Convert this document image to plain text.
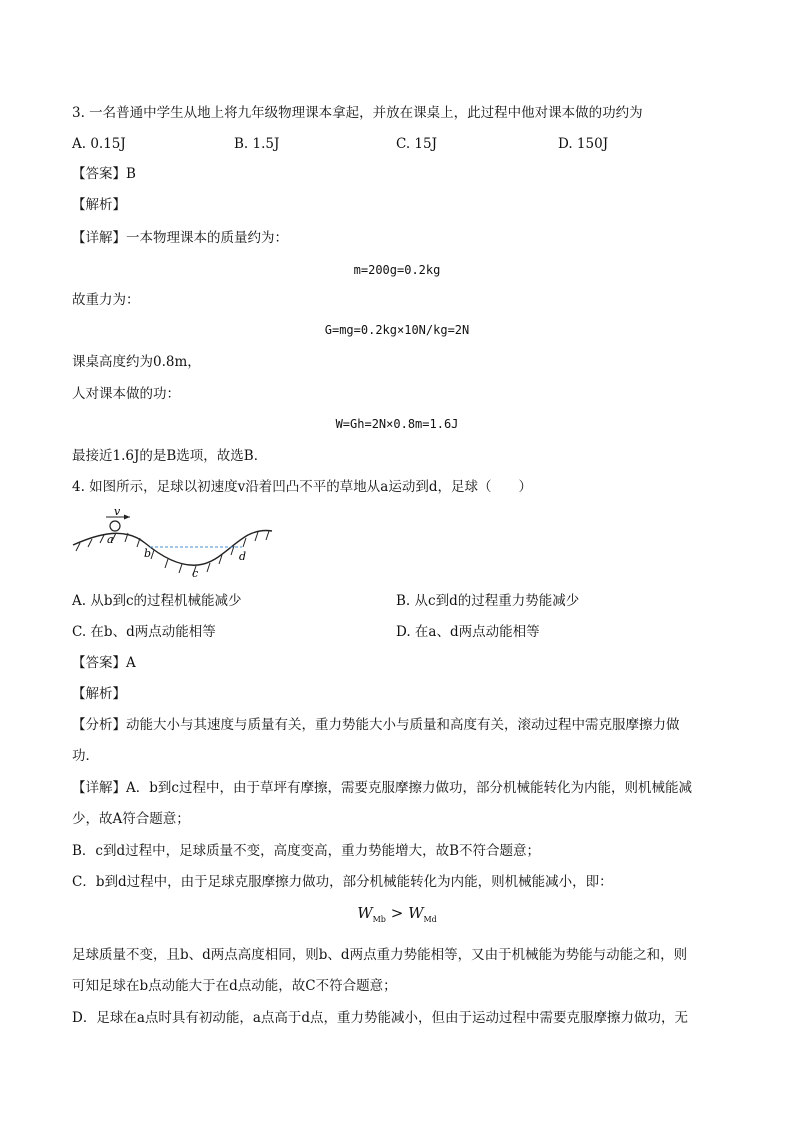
3. 一名普通中学生从地上将九年级物理课本拿起，并放在课桌上，此过程中他对课本做的功约为
A. 0.15J	B. 1.5J	C. 15J	D. 150J
【答案】B
【解析】
【详解】一本物理课本的质量约为：
m=200g=0.2kg
故重力为：
G=mg=0.2kg×10N/kg=2N
课桌高度约为0.8m，
人对课本做的功：
W=Gh=2N×0.8m=1.6J
最接近1.6J的是B选项，故选B．
4. 如图所示，足球以初速度v沿着凹凸不平的草地从a运动到d，足球（　　）
v
a
b
c
d
A. 从b到c的过程机械能减少	B. 从c到d的过程重力势能减少
C. 在b、d两点动能相等	D. 在a、d两点动能相等
【答案】A
【解析】
【分析】动能大小与其速度与质量有关，重力势能大小与质量和高度有关，滚动过程中需克服摩擦力做
功．
【详解】A．b到c过程中，由于草坪有摩擦，需要克服摩擦力做功，部分机械能转化为内能，则机械能减
少，故A符合题意；
B．c到d过程中，足球质量不变，高度变高，重力势能增大，故B不符合题意；
C．b到d过程中，由于足球克服摩擦力做功，部分机械能转化为内能，则机械能减小，即：
$W_{Mb} > W_{Md}$
足球质量不变，且b、d两点高度相同，则b、d两点重力势能相等，又由于机械能为势能与动能之和，则
可知足球在b点动能大于在d点动能，故C不符合题意；
D．足球在a点时具有初动能，a点高于d点，重力势能减小，但由于运动过程中需要克服摩擦力做功，无
